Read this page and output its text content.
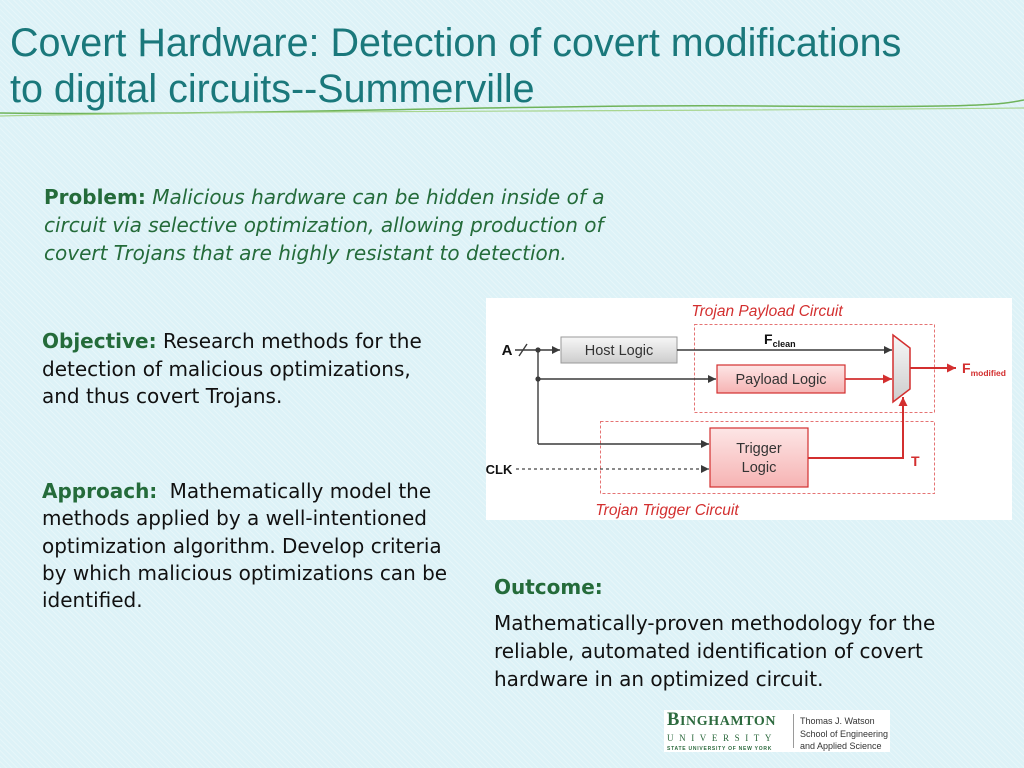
Covert Hardware: Detection of covert modifications to digital circuits--Summerville
Problem: Malicious hardware can be hidden inside of a circuit via selective optimization, allowing production of covert Trojans that are highly resistant to detection.
Objective: Research methods for the detection of malicious optimizations, and thus covert Trojans.
Approach: Mathematically model the methods applied by a well-intentioned optimization algorithm. Develop criteria by which malicious optimizations can be identified.
Outcome:
Mathematically-proven methodology for the reliable, automated identification of covert hardware in an optimized circuit.
Trojan Payload Circuit
Trojan Trigger Circuit
A	Host Logic
Fclean
Payload Logic
Fmodified
CLK
Trigger
Logic	T
BINGHAMTON
UNIVERSITY
STATE UNIVERSITY OF NEW YORK
Thomas J. Watson
School of Engineering
and Applied Science
